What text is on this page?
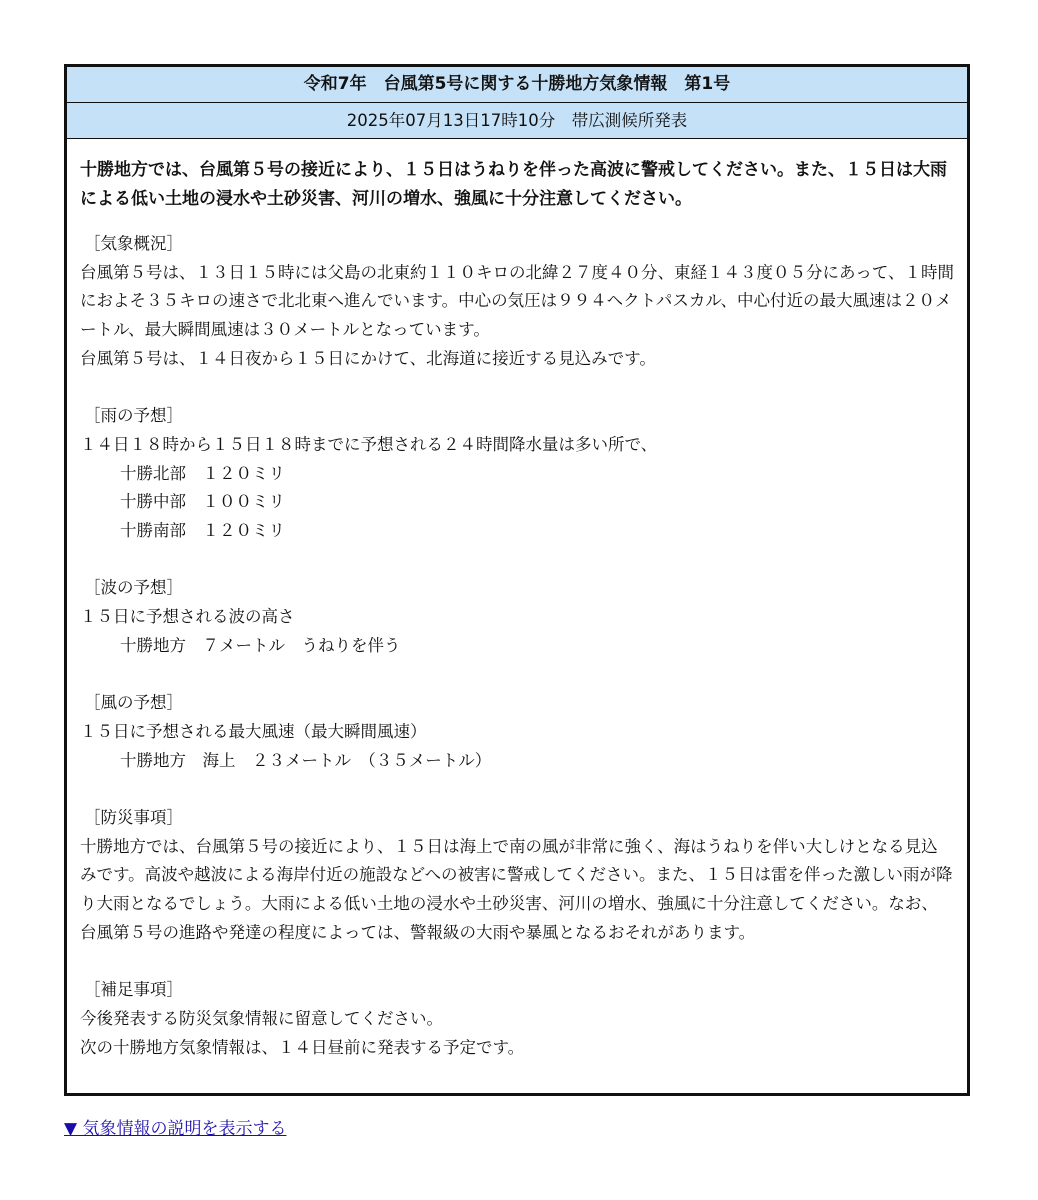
令和7年　台風第5号に関する十勝地方気象情報　第1号
2025年07月13日17時10分　帯広測候所発表

十勝地方では、台風第５号の接近により、１５日はうねりを伴った高波に警戒してください。また、１５日は大雨による低い土地の浸水や土砂災害、河川の増水、強風に十分注意してください。

［気象概況］
台風第５号は、１３日１５時には父島の北東約１１０キロの北緯２７度４０分、東経１４３度０５分にあって、１時間におよそ３５キロの速さで北北東へ進んでいます。中心の気圧は９９４ヘクトパスカル、中心付近の最大風速は２０メートル、最大瞬間風速は３０メートルとなっています。
台風第５号は、１４日夜から１５日にかけて、北海道に接近する見込みです。
［雨の予想］
１４日１８時から１５日１８時までに予想される２４時間降水量は多い所で、
十勝北部　１２０ミリ
十勝中部　１００ミリ
十勝南部　１２０ミリ
［波の予想］
１５日に予想される波の高さ
十勝地方　７メートル　うねりを伴う
［風の予想］
１５日に予想される最大風速（最大瞬間風速）
十勝地方　海上　２３メートル　（３５メートル）
［防災事項］
十勝地方では、台風第５号の接近により、１５日は海上で南の風が非常に強く、海はうねりを伴い大しけとなる見込みです。高波や越波による海岸付近の施設などへの被害に警戒してください。また、１５日は雷を伴った激しい雨が降り大雨となるでしょう。大雨による低い土地の浸水や土砂災害、河川の増水、強風に十分注意してください。なお、台風第５号の進路や発達の程度によっては、警報級の大雨や暴風となるおそれがあります。
［補足事項］
今後発表する防災気象情報に留意してください。
次の十勝地方気象情報は、１４日昼前に発表する予定です。
▼ 気象情報の説明を表示する
